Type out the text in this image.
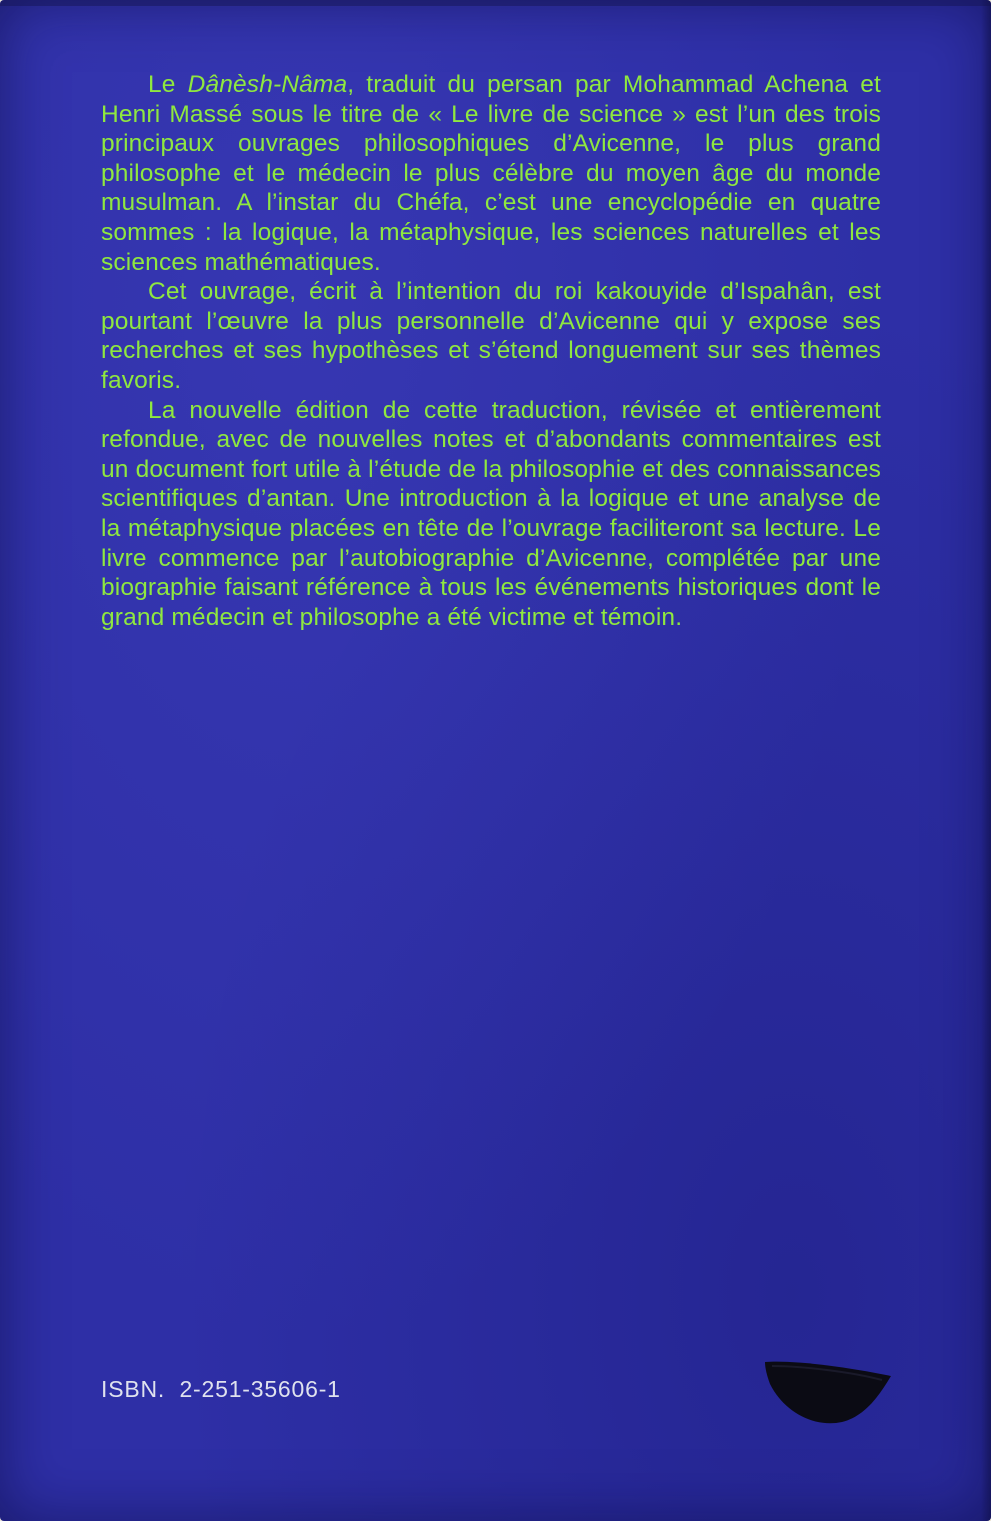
Le Dânèsh-Nâma, traduit du persan par Mohammad Achena et Henri Massé sous le titre de « Le livre de science » est l’un des trois principaux ouvrages philosophiques d’Avicenne, le plus grand philosophe et le médecin le plus célèbre du moyen âge du monde musulman. A l’instar du Chéfa, c’est une encyclopédie en quatre sommes : la logique, la métaphysique, les sciences naturelles et les sciences mathématiques.

Cet ouvrage, écrit à l’intention du roi kakouyide d’Ispahân, est pourtant l’œuvre la plus personnelle d’Avicenne qui y expose ses recherches et ses hypothèses et s’étend longuement sur ses thèmes favoris.

La nouvelle édition de cette traduction, révisée et entièrement refondue, avec de nouvelles notes et d’abondants commentaires est un document fort utile à l’étude de la philosophie et des connaissances scientifiques d’antan. Une introduction à la logique et une analyse de la métaphysique placées en tête de l’ouvrage faciliteront sa lecture. Le livre commence par l’autobiographie d’Avicenne, complétée par une biographie faisant référence à tous les événements historiques dont le grand médecin et philosophe a été victime et témoin.

ISBN. 2-251-35606-1
